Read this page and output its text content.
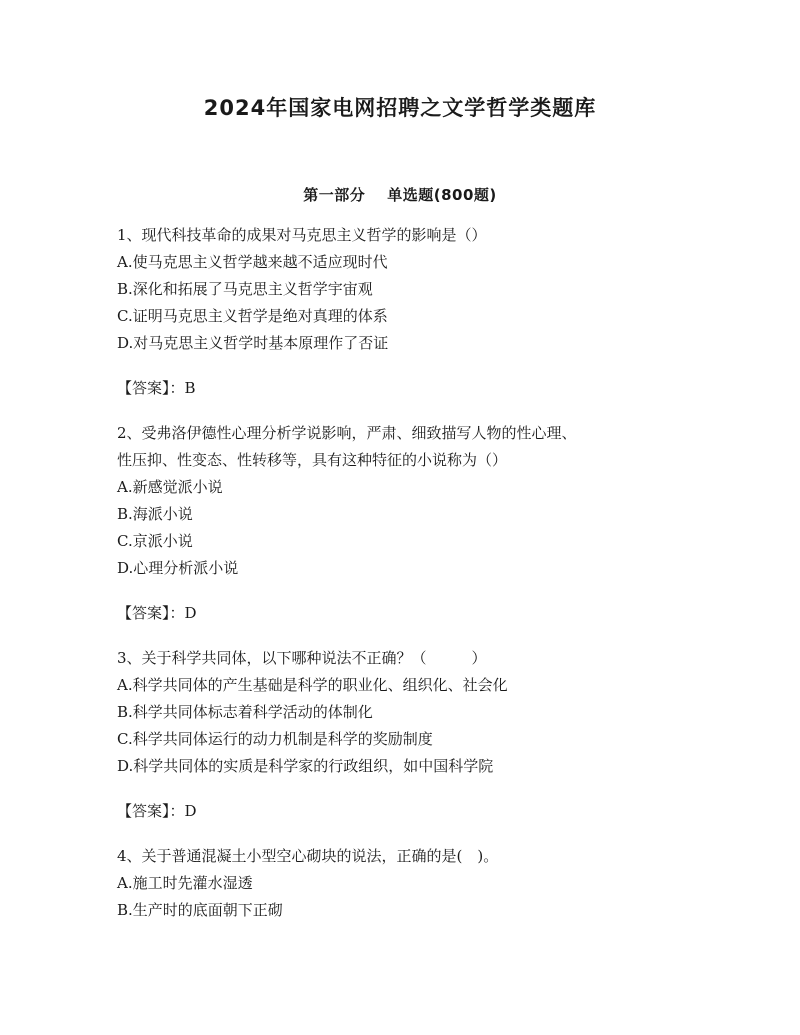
2024年国家电网招聘之文学哲学类题库
第一部分 单选题(800题)
1、现代科技革命的成果对马克思主义哲学的影响是（）
A.使马克思主义哲学越来越不适应现时代
B.深化和拓展了马克思主义哲学宇宙观
C.证明马克思主义哲学是绝对真理的体系
D.对马克思主义哲学时基本原理作了否证
【答案】：B
2、受弗洛伊德性心理分析学说影响，严肃、细致描写人物的性心理、
性压抑、性变态、性转移等，具有这种特征的小说称为（）
A.新感觉派小说
B.海派小说
C.京派小说
D.心理分析派小说
【答案】：D
3、关于科学共同体，以下哪种说法不正确？（　　　）
A.科学共同体的产生基础是科学的职业化、组织化、社会化
B.科学共同体标志着科学活动的体制化
C.科学共同体运行的动力机制是科学的奖励制度
D.科学共同体的实质是科学家的行政组织，如中国科学院
【答案】：D
4、关于普通混凝土小型空心砌块的说法，正确的是(　)。
A.施工时先灌水湿透
B.生产时的底面朝下正砌
